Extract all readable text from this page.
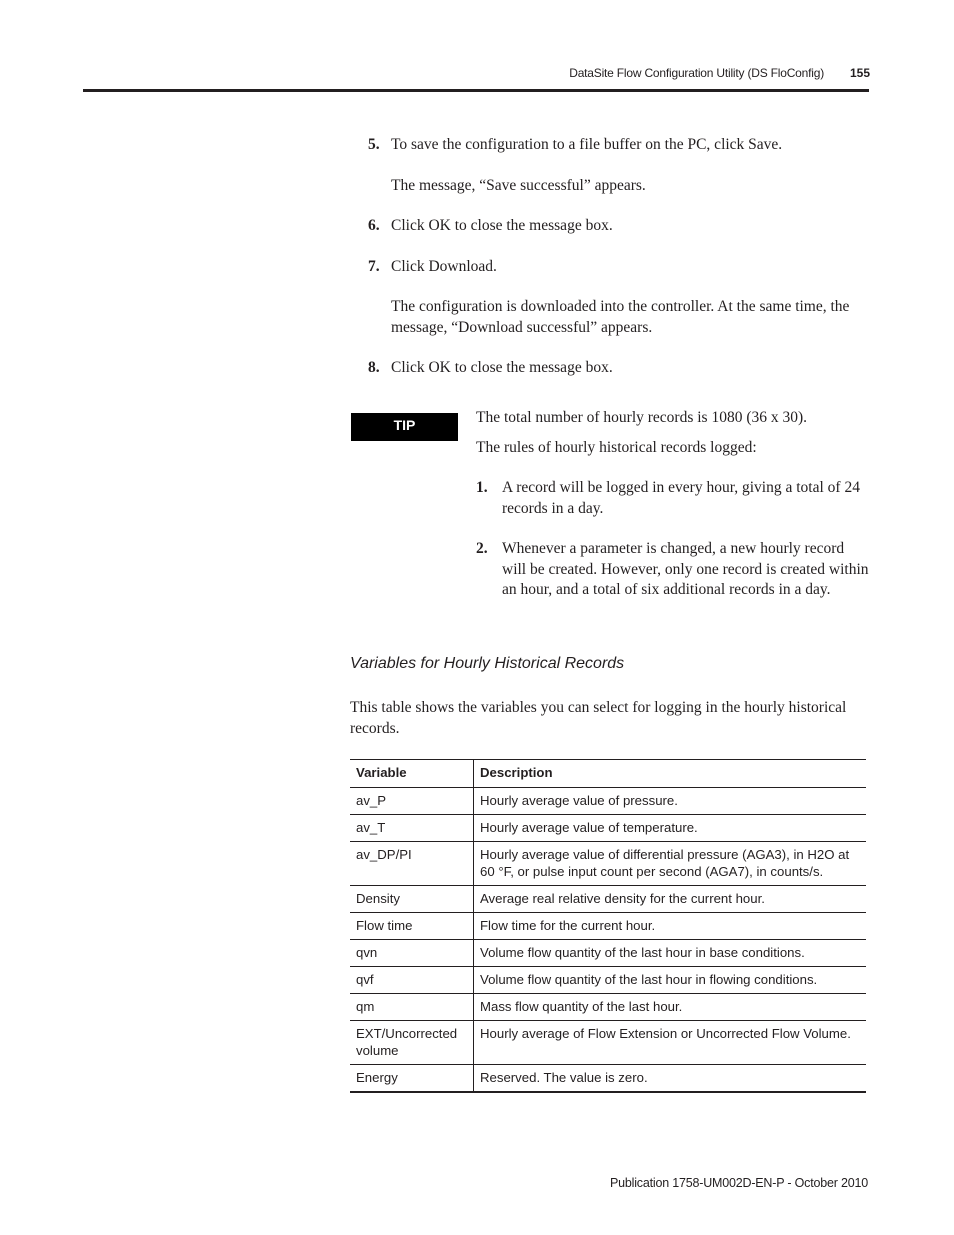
DataSite Flow Configuration Utility (DS FloConfig) 155
5. To save the configuration to a file buffer on the PC, click Save.
The message, “Save successful” appears.
6. Click OK to close the message box.
7. Click Download.
The configuration is downloaded into the controller. At the same time, the message, “Download successful” appears.
8. Click OK to close the message box.
TIP	The total number of hourly records is 1080 (36 x 30).
The rules of hourly historical records logged:
1. A record will be logged in every hour, giving a total of 24 records in a day.
2. Whenever a parameter is changed, a new hourly record will be created. However, only one record is created within an hour, and a total of six additional records in a day.
Variables for Hourly Historical Records
This table shows the variables you can select for logging in the hourly historical records.
Variable	Description
av_P	Hourly average value of pressure.
av_T	Hourly average value of temperature.
av_DP/PI	Hourly average value of differential pressure (AGA3), in H2O at 60 °F, or pulse input count per second (AGA7), in counts/s.
Density	Average real relative density for the current hour.
Flow time	Flow time for the current hour.
qvn	Volume flow quantity of the last hour in base conditions.
qvf	Volume flow quantity of the last hour in flowing conditions.
qm	Mass flow quantity of the last hour.
EXT/Uncorrected volume	Hourly average of Flow Extension or Uncorrected Flow Volume.
Energy	Reserved. The value is zero.
Publication 1758-UM002D-EN-P - October 2010
